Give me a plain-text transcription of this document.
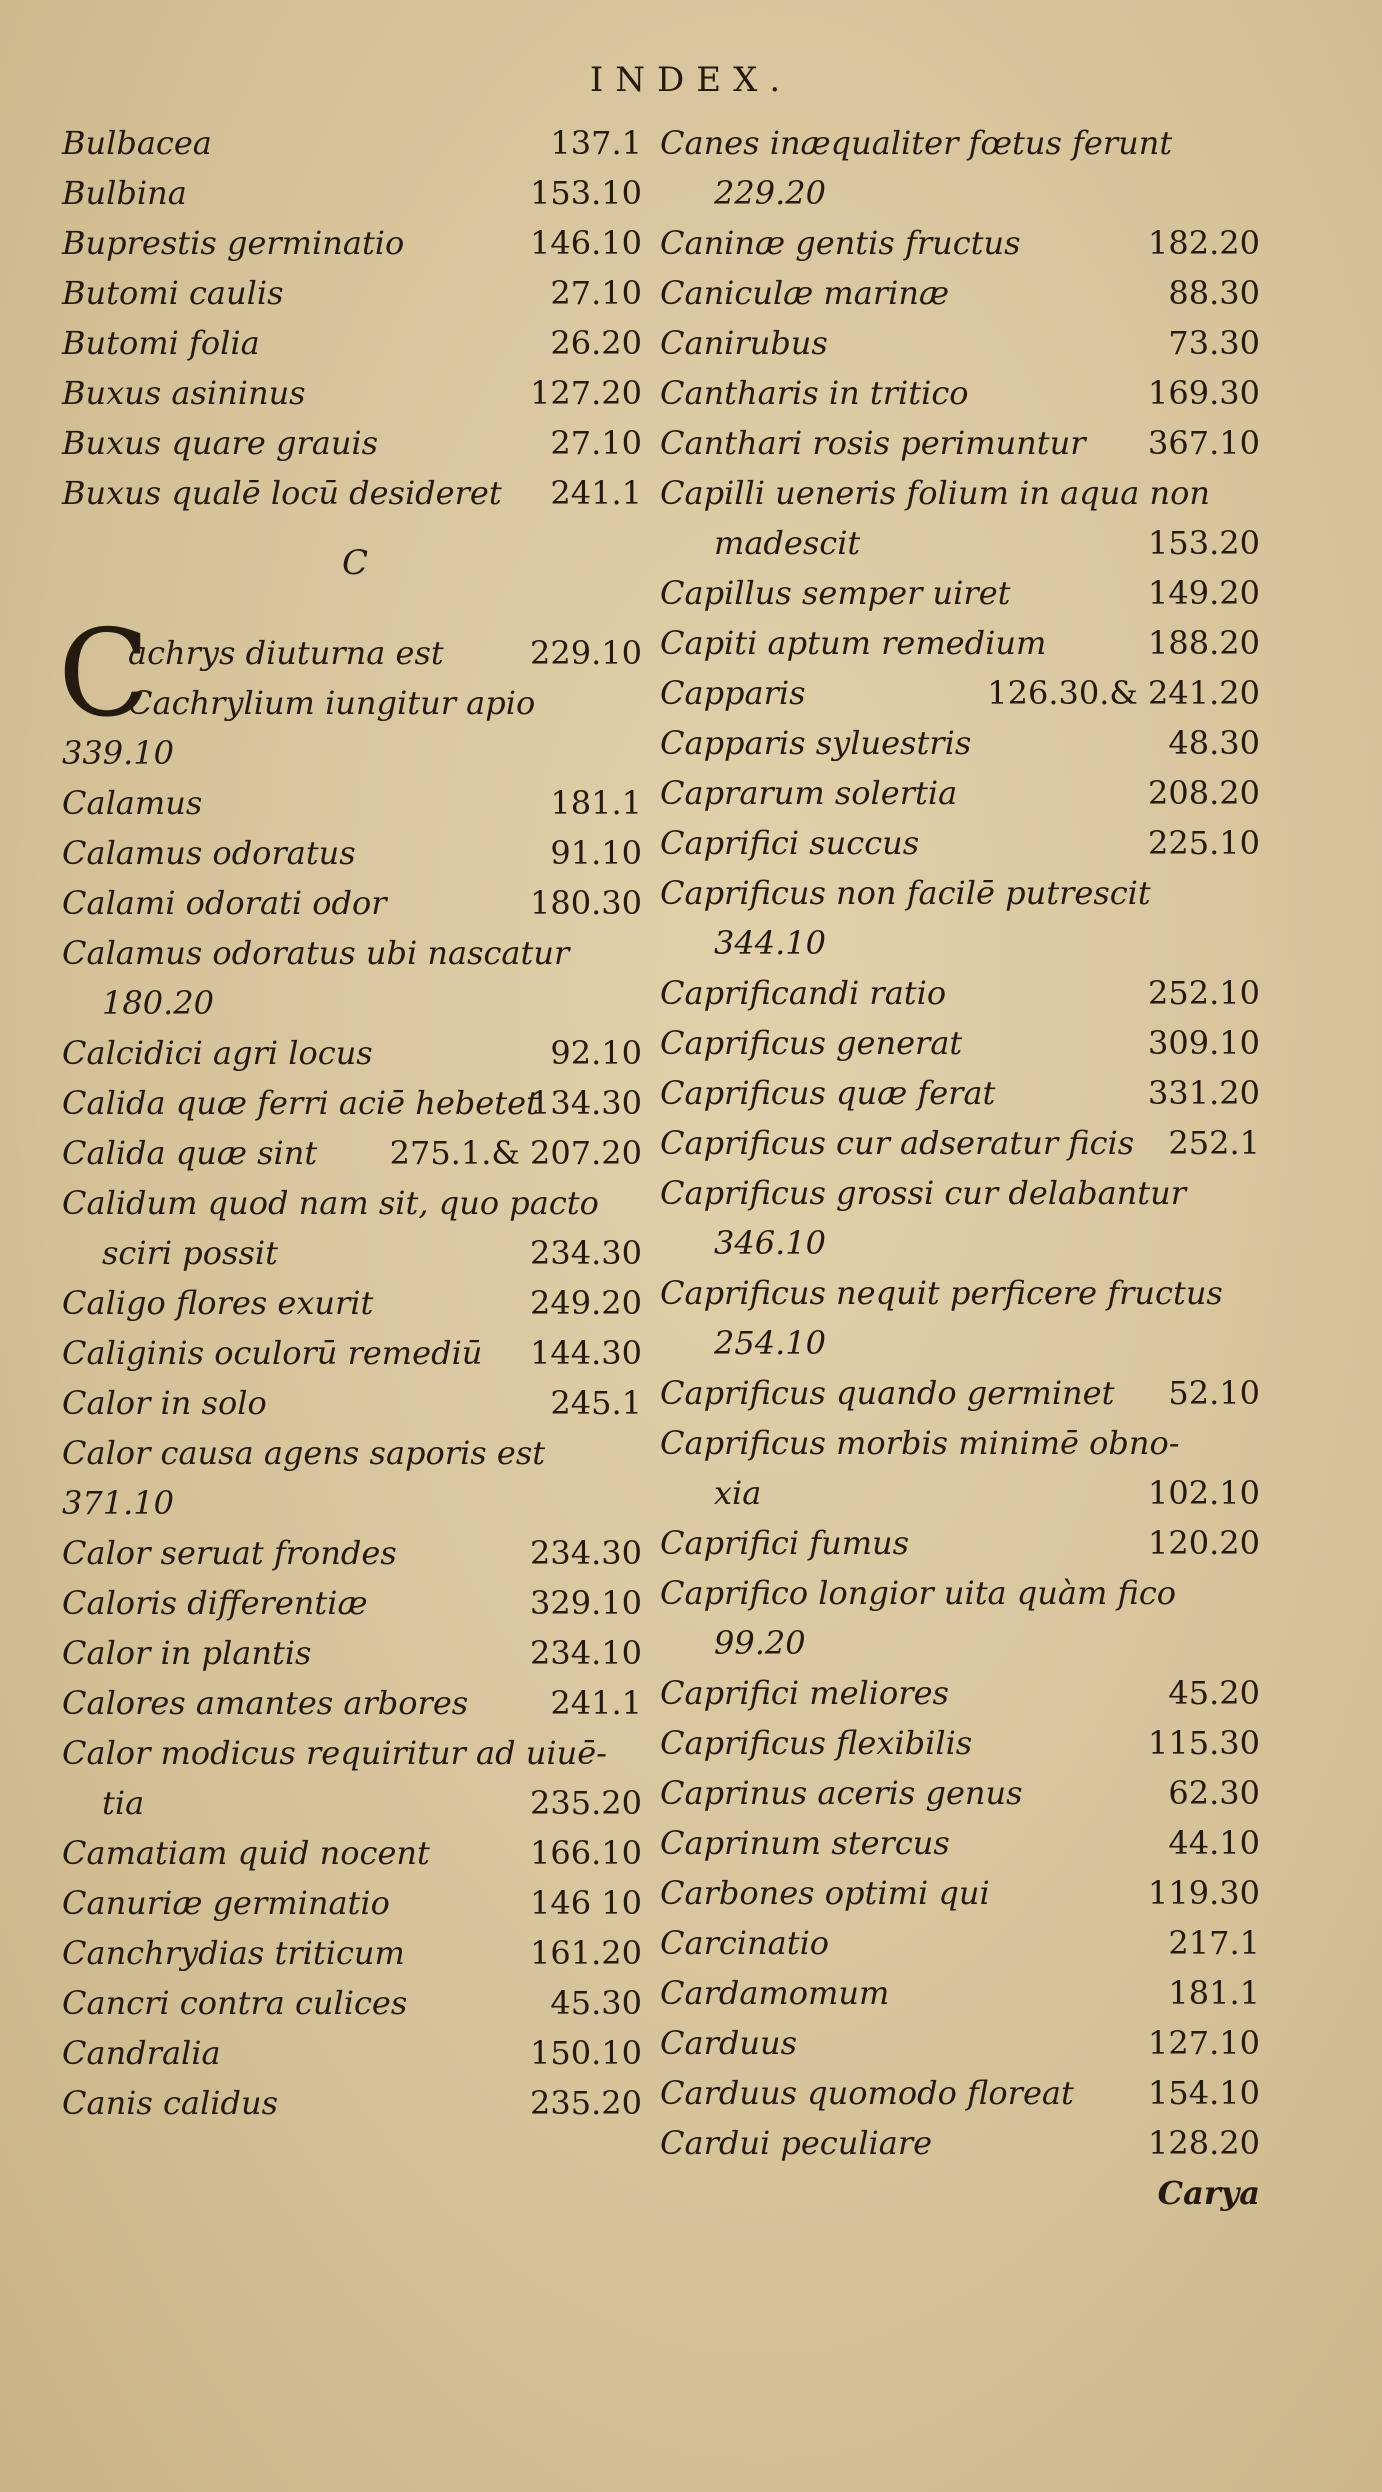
INDEX.
Bulbacea	137.1
Bulbina	153.10
Buprestis germinatio	146.10
Butomi caulis	27.10
Butomi folia	26.20
Buxus asininus	127.20
Buxus quare grauis	27.10
Buxus qualē locū desideret 241.1
C
achrys diuturna est	229.10
C
Cachrylium iungitur apio
339.10
Calamus	181.1
Calamus odoratus	91.10
Calami odorati odor	180.30
Calamus odoratus ubi nascatur
180.20
Calcidici agri locus	92.10
Calida quæ ferri aciē hebetet
134.30
Calida quæ sint 275.1.& 207.20
Calidum quod nam sit, quo pacto
sciri possit	234.30
Caligo flores exurit	249.20
Caliginis oculorū remediū 144.30
Calor in solo	245.1
Calor causa agens saporis est
371.10
Calor seruat frondes	234.30
Caloris differentiæ	329.10
Calor in plantis	234.10
Calores amantes arbores	241.1
Calor modicus requiritur ad uiuē-
tia	235.20
Camatiam quid nocent	166.10
Canuriæ germinatio	146 10
Canchrydias triticum	161.20
Cancri contra culices	45.30
Candralia	150.10
Canis calidus	235.20
Canes inæqualiter fœtus ferunt
229.20
Caninæ gentis fructus	182.20
Caniculæ marinæ	88.30
Canirubus	73.30
Cantharis in tritico	169.30
Canthari rosis perimuntur 367.10
Capilli ueneris folium in aqua non
madescit	153.20
Capillus semper uiret	149.20
Capiti aptum remedium	188.20
Capparis	126.30.& 241.20
Capparis syluestris	48.30
Caprarum solertia	208.20
Caprifici succus	225.10
Caprificus non facilē putrescit
344.10
Caprificandi ratio	252.10
Caprificus generat	309.10
Caprificus quæ ferat	331.20
Caprificus cur adseratur ficis 252.1
Caprificus grossi cur delabantur
346.10
Caprificus nequit perficere fructus
254.10
Caprificus quando germinet 52.10
Caprificus morbis minimē obno-
xia	102.10
Caprifici fumus	120.20
Caprifico longior uita quàm fico
99.20
Caprifici meliores	45.20
Caprificus flexibilis	115.30
Caprinus aceris genus	62.30
Caprinum stercus	44.10
Carbones optimi qui	119.30
Carcinatio	217.1
Cardamomum	181.1
Carduus	127.10
Carduus quomodo floreat 154.10
Cardui peculiare	128.20
Carya
